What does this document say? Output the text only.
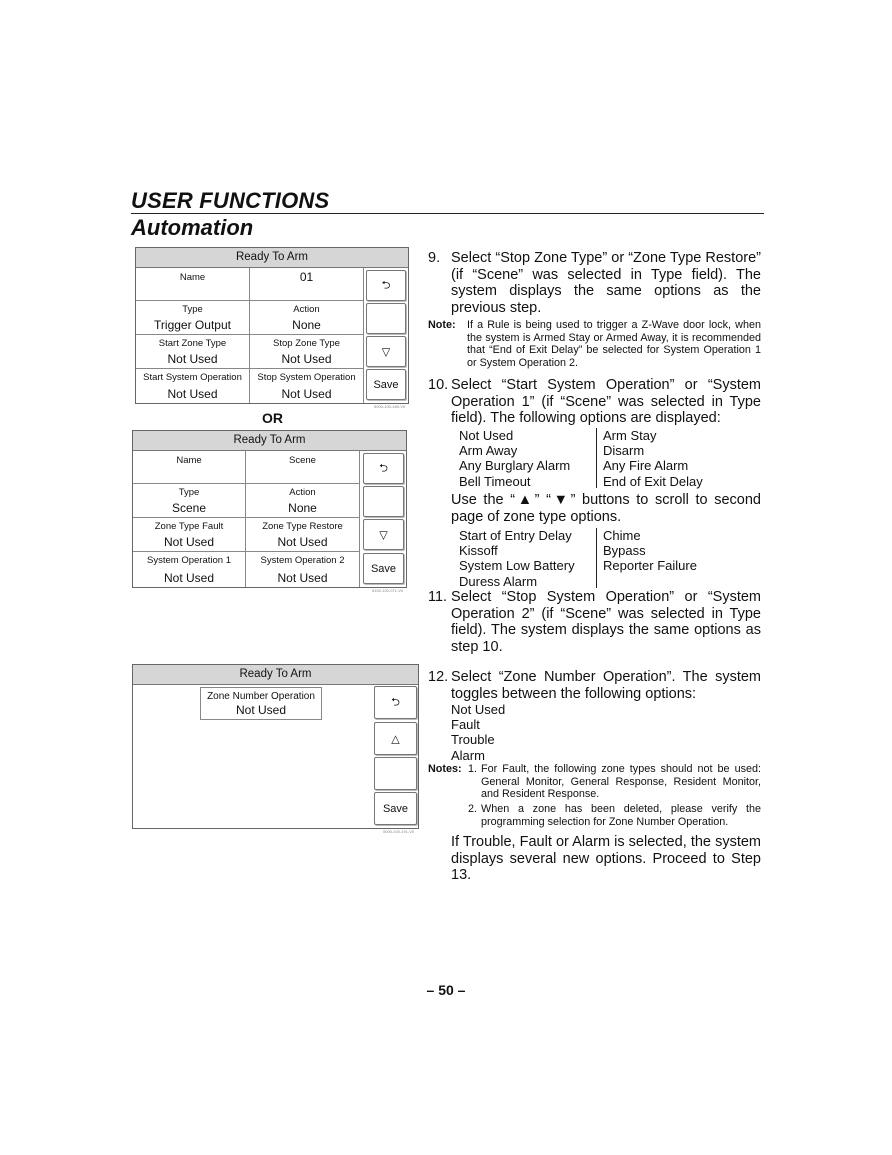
USER FUNCTIONS
Automation
Ready To Arm
Name	01
Type
Trigger Output
Action
None
Start Zone Type
Not Used
Stop Zone Type
Not Used
Start System Operation
Not Used
Stop System Operation
Not Used
⮌
▽
Save
5000-100-189-V0
OR
Ready To Arm
Name	Scene
Type
Scene
Action
None
Zone Type Fault
Not Used
Zone Type Restore
Not Used
System Operation 1
Not Used
System Operation 2
Not Used
⮌
▽
Save
5100-100-071-V0
Ready To Arm
Zone Number Operation
Not Used
⮌
△
Save
5000-100-191-V0
9. Select “Stop Zone Type” or “Zone Type Restore” (if “Scene” was selected in Type field). The system displays the same options as the previous step.
Note: If a Rule is being used to trigger a Z-Wave door lock, when the system is Armed Stay or Armed Away, it is recommended that “End of Exit Delay” be selected for System Operation 1 or System Operation 2.
10. Select “Start System Operation” or “System Operation 1” (if “Scene” was selected in Type field). The following options are displayed:
Not Used
Arm Away
Any Burglary Alarm
Bell Timeout
Arm Stay
Disarm
Any Fire Alarm
End of Exit Delay
Use the “▲” “▼” buttons to scroll to second page of zone type options.
Start of Entry Delay
Kissoff
System Low Battery
Duress Alarm
Chime
Bypass
Reporter Failure
11. Select “Stop System Operation” or “System Operation 2” (if “Scene” was selected in Type field). The system displays the same options as step 10.
12. Select “Zone Number Operation”. The system toggles between the following options:
Not Used
Fault
Trouble
Alarm
Notes: 1. For Fault, the following zone types should not be used: General Monitor, General Response, Resident Monitor, and Resident Response.
2. When a zone has been deleted, please verify the programming selection for Zone Number Operation.
If Trouble, Fault or Alarm is selected, the system displays several new options. Proceed to Step 13.
– 50 –
